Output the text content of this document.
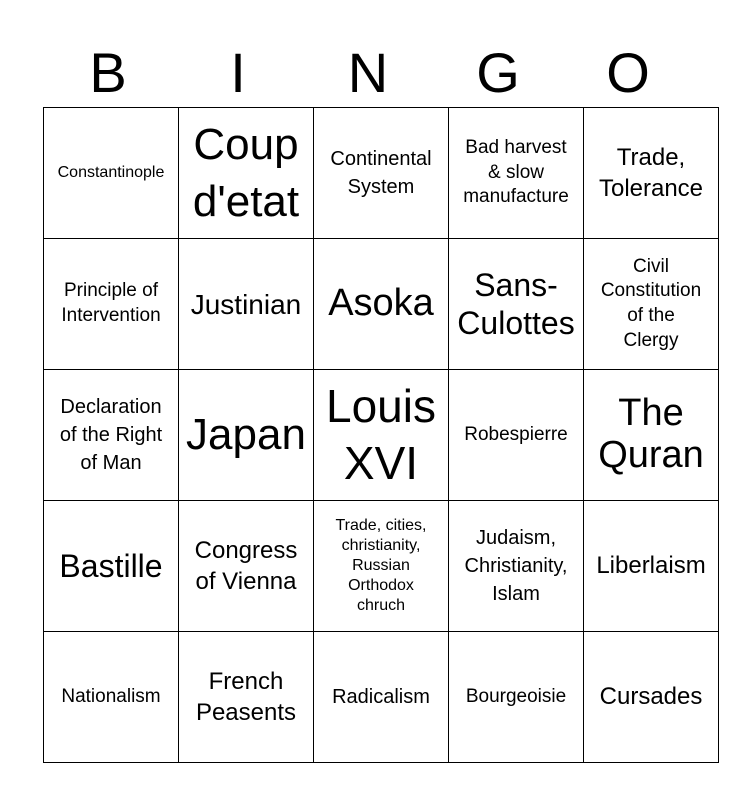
B	I	N	G	O
Constantinople	Coup
d'etat	Continental
System	Bad harvest
& slow
manufacture	Trade,
Tolerance

Principle of
Intervention	Justinian	Asoka	Sans-
Culottes	Civil
Constitution
of the
Clergy

Declaration
of the Right
of Man	Japan	Louis
XVI	Robespierre	The
Quran

Bastille	Congress
of Vienna	Trade, cities,
christianity,
Russian
Orthodox
chruch	Judaism,
Christianity,
Islam	Liberlaism

Nationalism	French
Peasents	Radicalism	Bourgeoisie	Cursades
